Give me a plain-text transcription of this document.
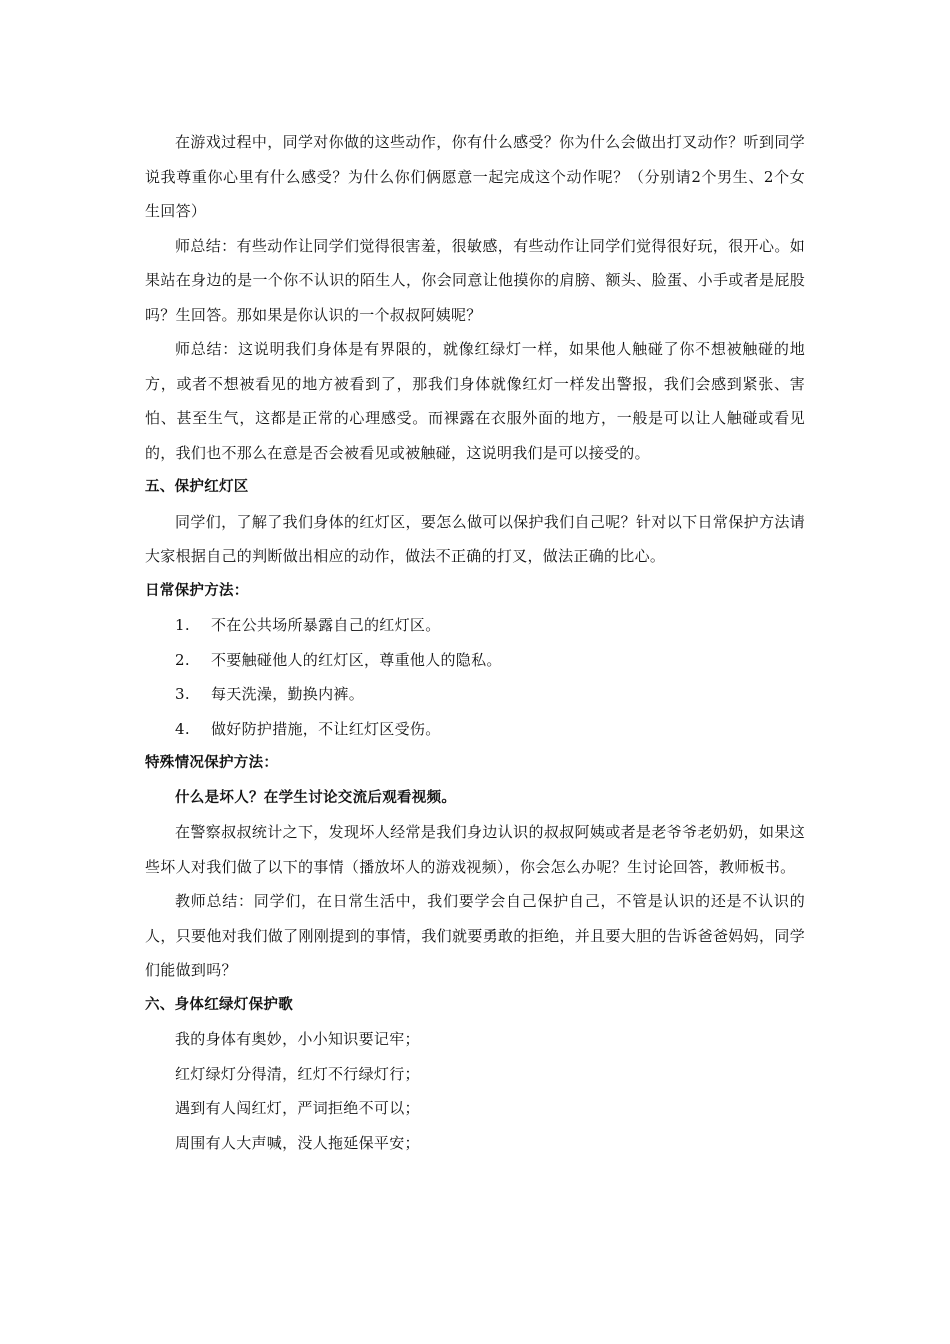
在游戏过程中，同学对你做的这些动作，你有什么感受？你为什么会做出打叉动作？听到同学说我尊重你心里有什么感受？为什么你们俩愿意一起完成这个动作呢？（分别请2个男生、2个女生回答）

师总结：有些动作让同学们觉得很害羞，很敏感，有些动作让同学们觉得很好玩，很开心。如果站在身边的是一个你不认识的陌生人，你会同意让他摸你的肩膀、额头、脸蛋、小手或者是屁股吗？生回答。那如果是你认识的一个叔叔阿姨呢？

师总结：这说明我们身体是有界限的，就像红绿灯一样，如果他人触碰了你不想被触碰的地方，或者不想被看见的地方被看到了，那我们身体就像红灯一样发出警报，我们会感到紧张、害怕、甚至生气，这都是正常的心理感受。而裸露在衣服外面的地方，一般是可以让人触碰或看见的，我们也不那么在意是否会被看见或被触碰，这说明我们是可以接受的。

五、保护红灯区

同学们，了解了我们身体的红灯区，要怎么做可以保护我们自己呢？针对以下日常保护方法请大家根据自己的判断做出相应的动作，做法不正确的打叉，做法正确的比心。

日常保护方法：

1.	不在公共场所暴露自己的红灯区。

2.	不要触碰他人的红灯区，尊重他人的隐私。

3.	每天洗澡，勤换内裤。

4.	做好防护措施，不让红灯区受伤。

特殊情况保护方法：

什么是坏人？在学生讨论交流后观看视频。

在警察叔叔统计之下，发现坏人经常是我们身边认识的叔叔阿姨或者是老爷爷老奶奶，如果这些坏人对我们做了以下的事情（播放坏人的游戏视频），你会怎么办呢？生讨论回答，教师板书。

教师总结：同学们，在日常生活中，我们要学会自己保护自己，不管是认识的还是不认识的人，只要他对我们做了刚刚提到的事情，我们就要勇敢的拒绝，并且要大胆的告诉爸爸妈妈，同学们能做到吗？

六、身体红绿灯保护歌

我的身体有奥妙，小小知识要记牢；

红灯绿灯分得清，红灯不行绿灯行；

遇到有人闯红灯，严词拒绝不可以；

周围有人大声喊，没人拖延保平安；
